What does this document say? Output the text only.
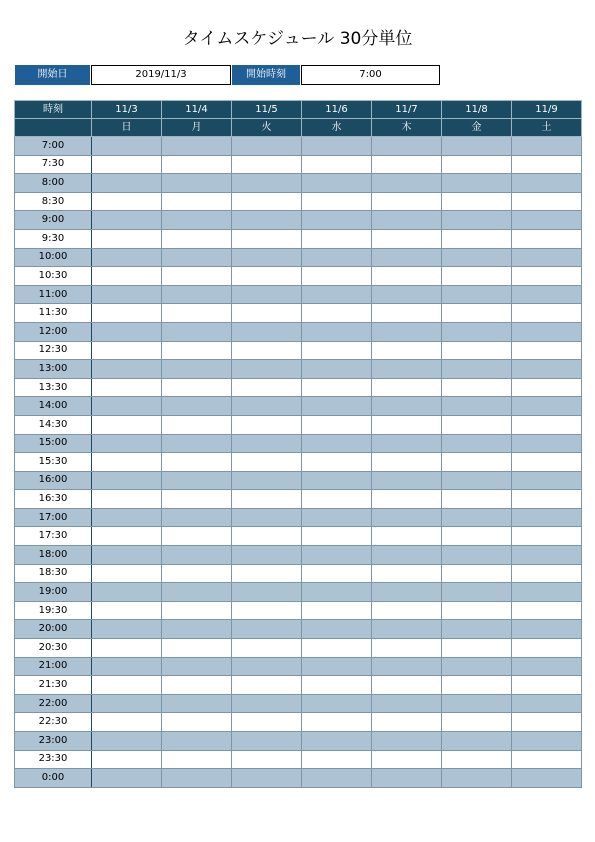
タイムスケジュール 30分単位
開始日	2019/11/3	開始時刻	7:00
時刻	11/3	11/4	11/5	11/6	11/7	11/8	11/9
	日	月	火	水	木	金	土
7:00							
7:30							
8:00							
8:30							
9:00							
9:30							
10:00							
10:30							
11:00							
11:30							
12:00							
12:30							
13:00							
13:30							
14:00							
14:30							
15:00							
15:30							
16:00							
16:30							
17:00							
17:30							
18:00							
18:30							
19:00							
19:30							
20:00							
20:30							
21:00							
21:30							
22:00							
22:30							
23:00							
23:30							
0:00							
